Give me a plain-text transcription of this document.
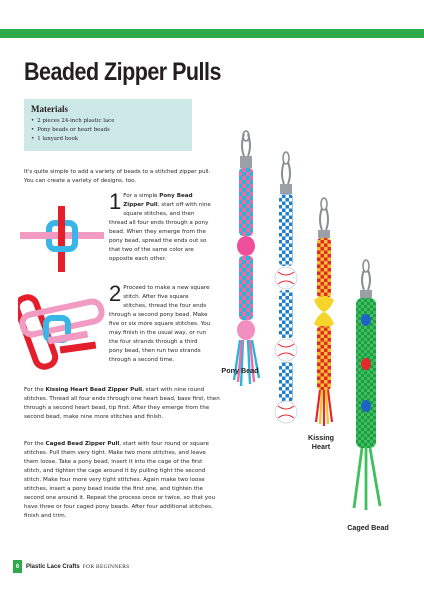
Beaded Zipper Pulls
Materials
• 2 pieces 24-inch plastic lace
• Pony beads or heart beads
• 1 lanyard hook

It's quite simple to add a variety of beads to a stitched zipper pull. You can create a variety of designs, too.

1 For a simple Pony Bead Zipper Pull, start off with nine square stitches, and then thread all four ends through a pony bead. When they emerge from the pony bead, spread the ends out so that two of the same color are opposite each other.
2 Proceed to make a new square stitch. After five square stitches, thread the four ends through a second pony bead. Make five or six more square stitches. You may finish in the usual way, or run the four strands through a third pony bead, then run two strands through a second time.

For the Kissing Heart Bead Zipper Pull, start with nine round stitches. Thread all four ends through one heart bead, base first, then through a second heart bead, tip first. After they emerge from the second bead, make nine more stitches and finish.

For the Caged Bead Zipper Pull, start with four round or square stitches. Pull them very tight. Make two more stitches, and leave them loose. Take a pony bead, insert it into the cage of the first stitch, and tighten the cage around it by pulling tight the second stitch. Make four more very tight stitches. Again make two loose stitches, insert a pony bead inside the first one, and tighten the second one around it. Repeat the process once or twice, so that you have three or four caged pony beads. After four additional stitches, finish and trim.

Pony Bead
Kissing
Heart
Caged Bead
6	Plastic Lace Crafts FOR BEGINNERS
